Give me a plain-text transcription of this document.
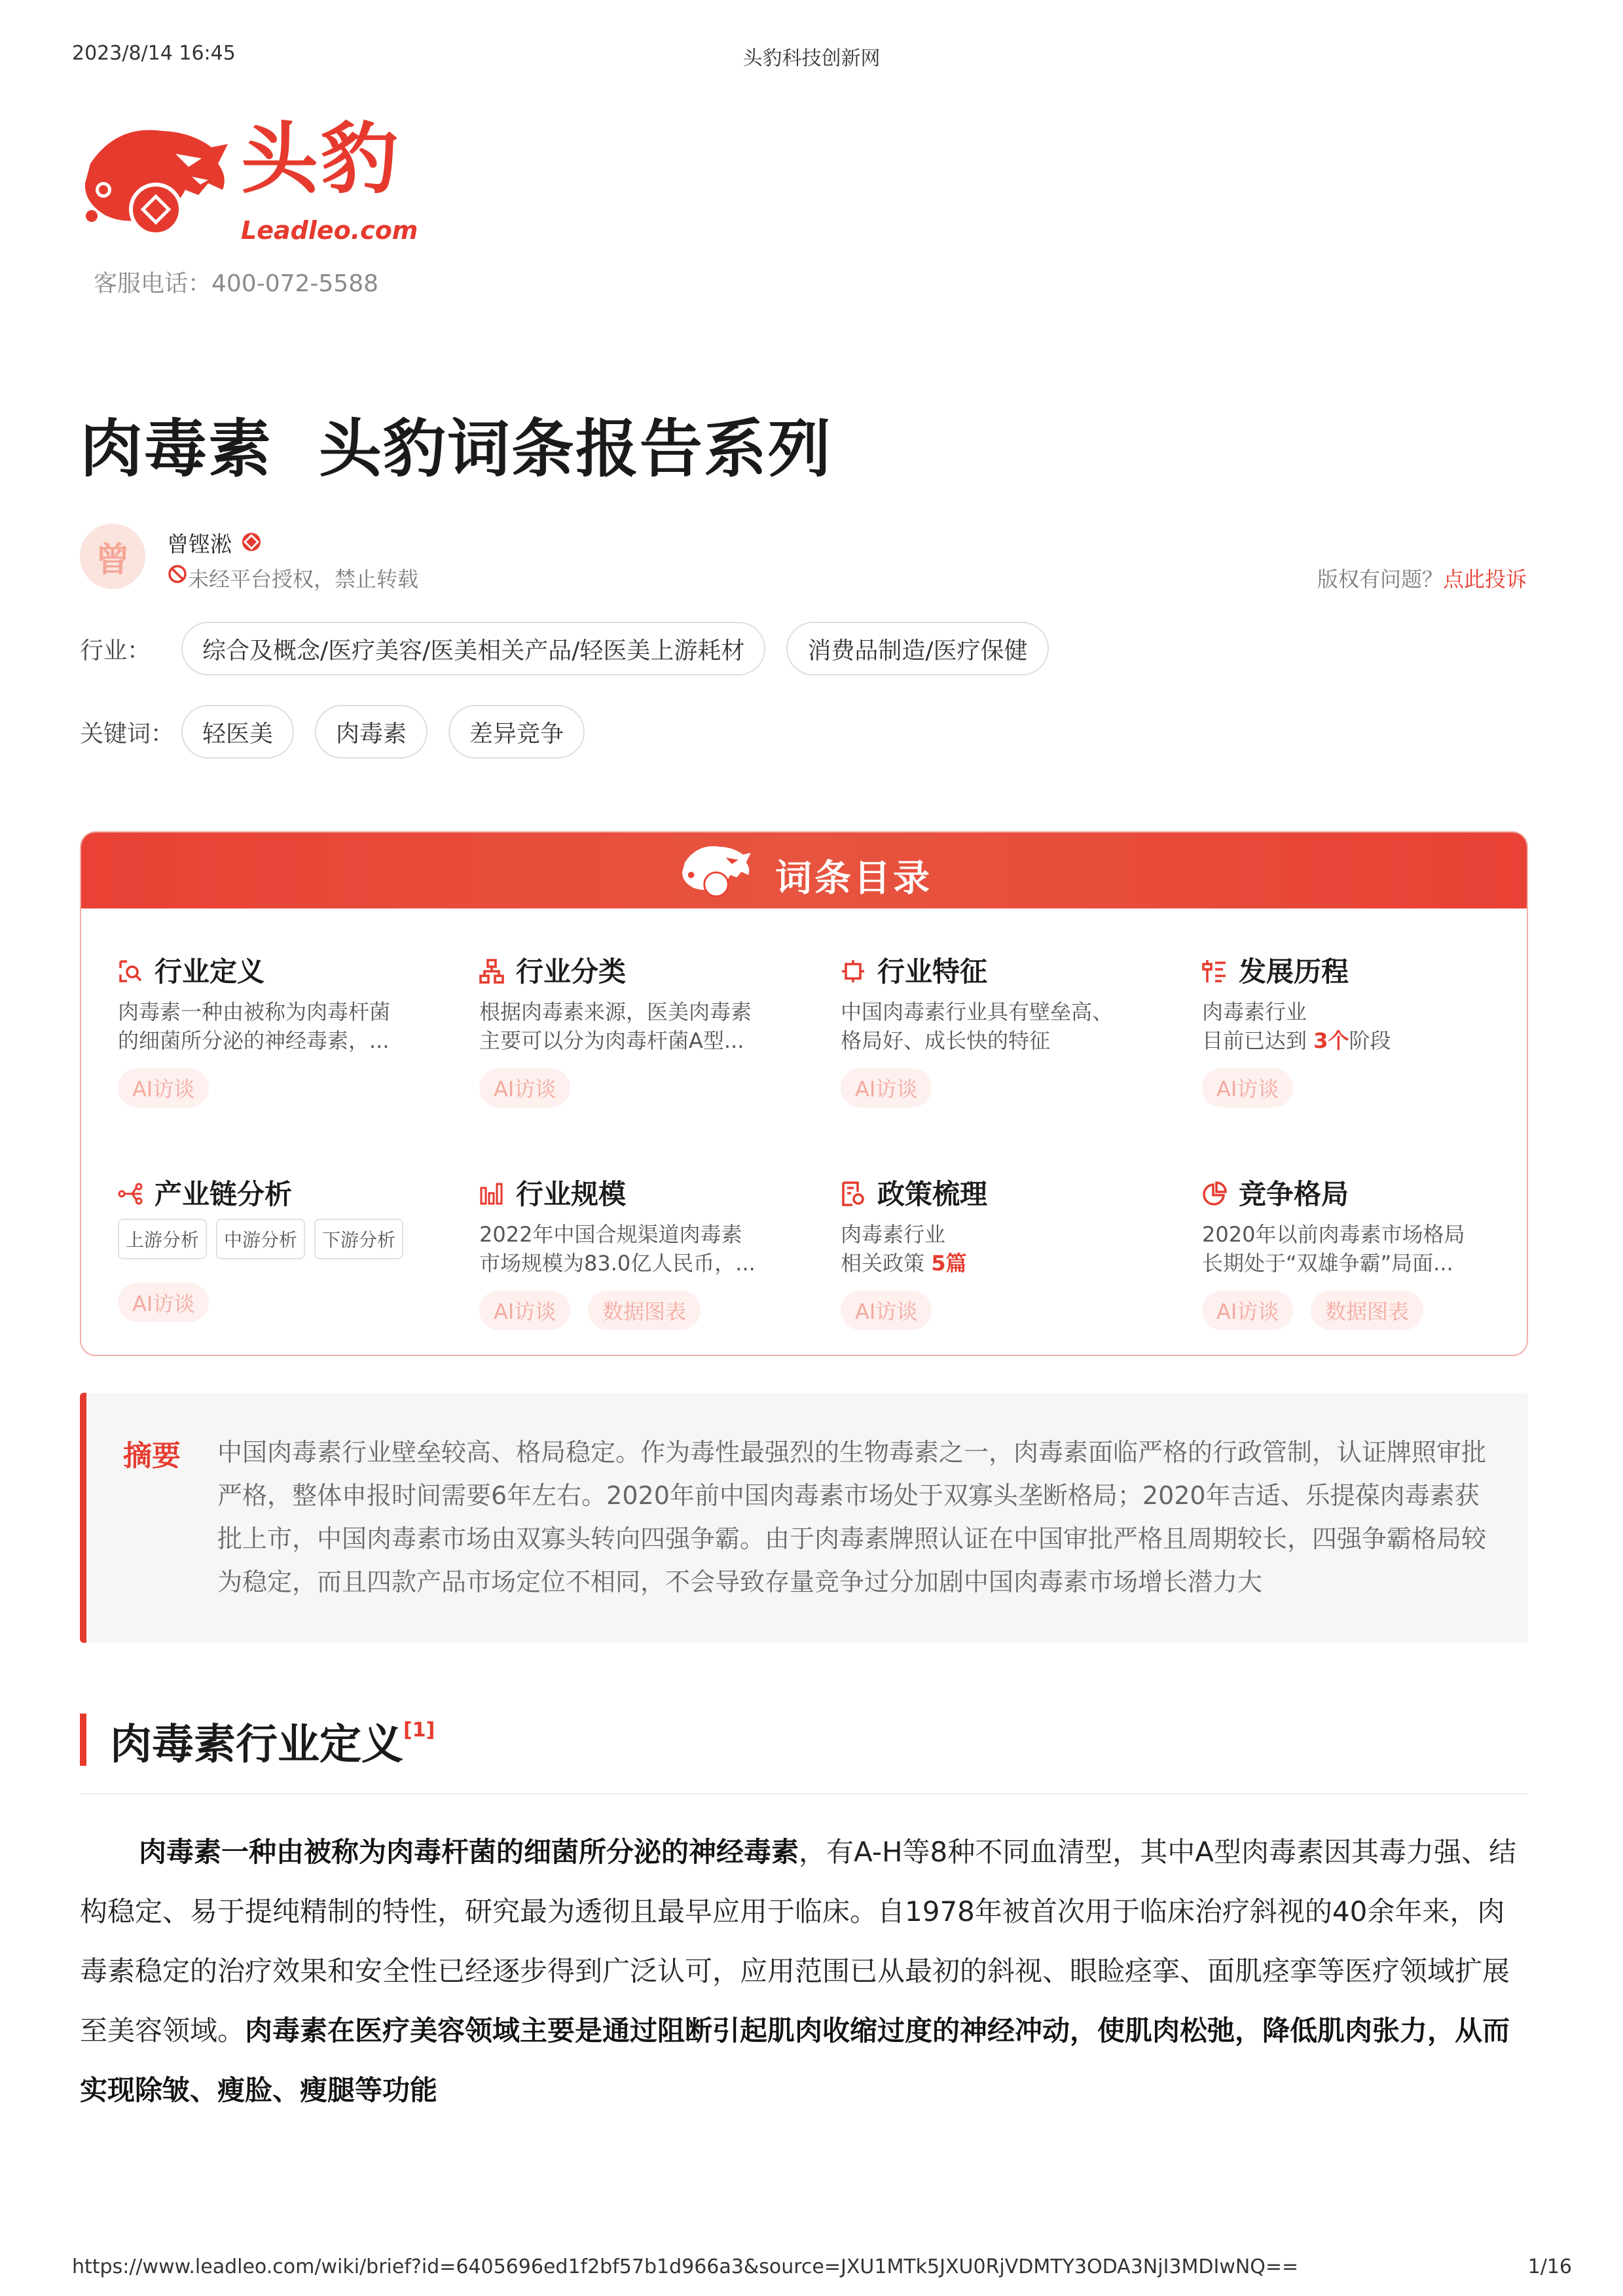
2023/8/14 16:45	头豹科技创新网
头豹
Leadleo.com
客服电话：400-072-5588
肉毒素  头豹词条报告系列
曾	曾铿淞
未经平台授权，禁止转载	版权有问题？点此投诉
行业：	综合及概念/医疗美容/医美相关产品/轻医美上游耗材	消费品制造/医疗保健
关键词：	轻医美	肉毒素	差异竞争
词条目录
行业定义
肉毒素一种由被称为肉毒杆菌
的细菌所分泌的神经毒素，...
AI访谈
行业分类
根据肉毒素来源，医美肉毒素
主要可以分为肉毒杆菌A型...
AI访谈
行业特征
中国肉毒素行业具有壁垒高、
格局好、成长快的特征
AI访谈
发展历程
肉毒素行业
目前已达到 3个阶段
AI访谈
产业链分析
上游分析	中游分析	下游分析
AI访谈
行业规模
2022年中国合规渠道肉毒素
市场规模为83.0亿人民币，...
AI访谈	数据图表
政策梳理
肉毒素行业
相关政策 5篇
AI访谈
竞争格局
2020年以前肉毒素市场格局
长期处于“双雄争霸”局面...
AI访谈	数据图表
摘要 中国肉毒素行业壁垒较高、格局稳定。作为毒性最强烈的生物毒素之一，肉毒素面临严格的行政管制，认证牌照审批严格，整体申报时间需要6年左右。2020年前中国肉毒素市场处于双寡头垄断格局；2020年吉适、乐提葆肉毒素获批上市，中国肉毒素市场由双寡头转向四强争霸。由于肉毒素牌照认证在中国审批严格且周期较长，四强争霸格局较为稳定，而且四款产品市场定位不相同，不会导致存量竞争过分加剧中国肉毒素市场增长潜力大
肉毒素行业定义[1]

肉毒素一种由被称为肉毒杆菌的细菌所分泌的神经毒素，有A-H等8种不同血清型，其中A型肉毒素因其毒力强、结构稳定、易于提纯精制的特性，研究最为透彻且最早应用于临床。自1978年被首次用于临床治疗斜视的40余年来，肉毒素稳定的治疗效果和安全性已经逐步得到广泛认可，应用范围已从最初的斜视、眼睑痉挛、面肌痉挛等医疗领域扩展至美容领域。肉毒素在医疗美容领域主要是通过阻断引起肌肉收缩过度的神经冲动，使肌肉松弛，降低肌肉张力，从而实现除皱、瘦脸、瘦腿等功能

https://www.leadleo.com/wiki/brief?id=6405696ed1f2bf57b1d966a3&source=JXU1MTk5JXU0RjVDMTY3ODA3NjI3MDIwNQ==	1/16
